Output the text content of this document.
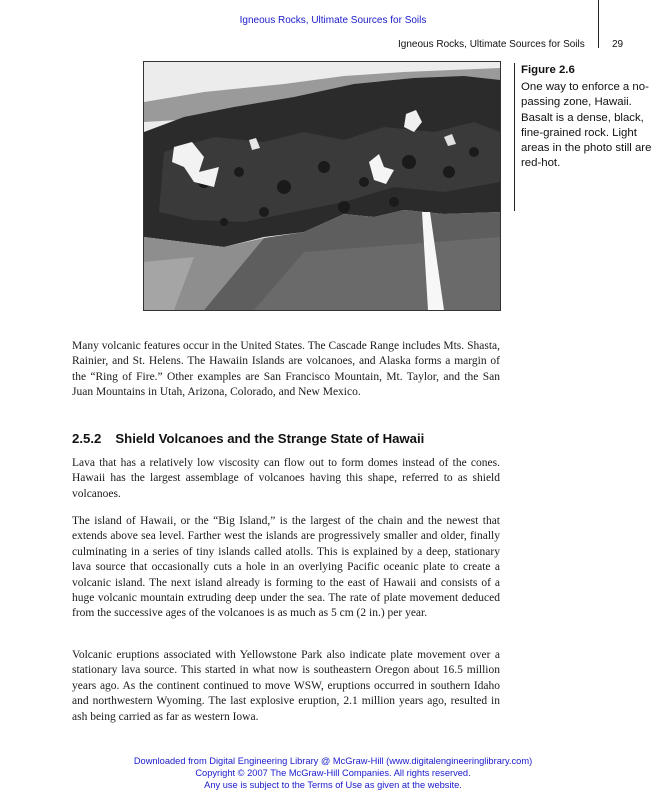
Igneous Rocks, Ultimate Sources for Soils
Igneous Rocks, Ultimate Sources for Soils	29
Figure 2.6
One way to enforce a no-passing zone, Hawaii. Basalt is a dense, black, fine-grained rock. Light areas in the photo still are red-hot.
Many volcanic features occur in the United States. The Cascade Range includes Mts. Shasta, Rainier, and St. Helens. The Hawaiin Islands are volcanoes, and Alaska forms a margin of the “Ring of Fire.” Other examples are San Francisco Mountain, Mt. Taylor, and the San Juan Mountains in Utah, Arizona, Colorado, and New Mexico.
2.5.2 Shield Volcanoes and the Strange State of Hawaii
Lava that has a relatively low viscosity can flow out to form domes instead of the cones. Hawaii has the largest assemblage of volcanoes having this shape, referred to as shield volcanoes.
The island of Hawaii, or the “Big Island,” is the largest of the chain and the newest that extends above sea level. Farther west the islands are progressively smaller and older, finally culminating in a series of tiny islands called atolls. This is explained by a deep, stationary lava source that occasionally cuts a hole in an overlying Pacific oceanic plate to create a volcanic island. The next island already is forming to the east of Hawaii and consists of a huge volcanic mountain extruding deep under the sea. The rate of plate movement deduced from the successive ages of the volcanoes is as much as 5 cm (2 in.) per year.
Volcanic eruptions associated with Yellowstone Park also indicate plate movement over a stationary lava source. This started in what now is southeastern Oregon about 16.5 million years ago. As the continent continued to move WSW, eruptions occurred in southern Idaho and northwestern Wyoming. The last explosive eruption, 2.1 million years ago, resulted in ash being carried as far as western Iowa.
Downloaded from Digital Engineering Library @ McGraw-Hill (www.digitalengineeringlibrary.com)
Copyright © 2007 The McGraw-Hill Companies. All rights reserved.
Any use is subject to the Terms of Use as given at the website.
